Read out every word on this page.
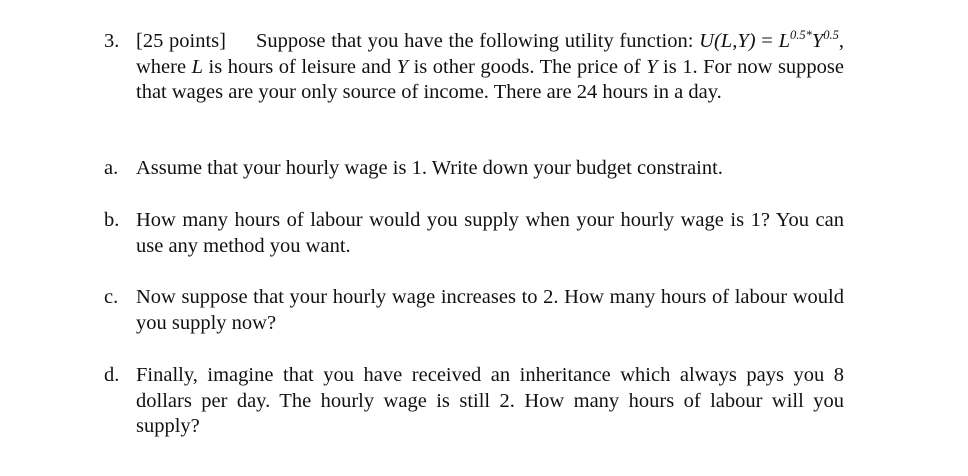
3. [25 points] Suppose that you have the following utility function: $U(L,Y) = L^{0.5*}Y^{0.5}$, where L is hours of leisure and Y is other goods. The price of Y is 1. For now suppose that wages are your only source of income. There are 24 hours in a day.
a. Assume that your hourly wage is 1. Write down your budget constraint.
b. How many hours of labour would you supply when your hourly wage is 1? You can use any method you want.
c. Now suppose that your hourly wage increases to 2. How many hours of labour would you supply now?
d. Finally, imagine that you have received an inheritance which always pays you 8 dollars per day. The hourly wage is still 2. How many hours of labour will you supply?
